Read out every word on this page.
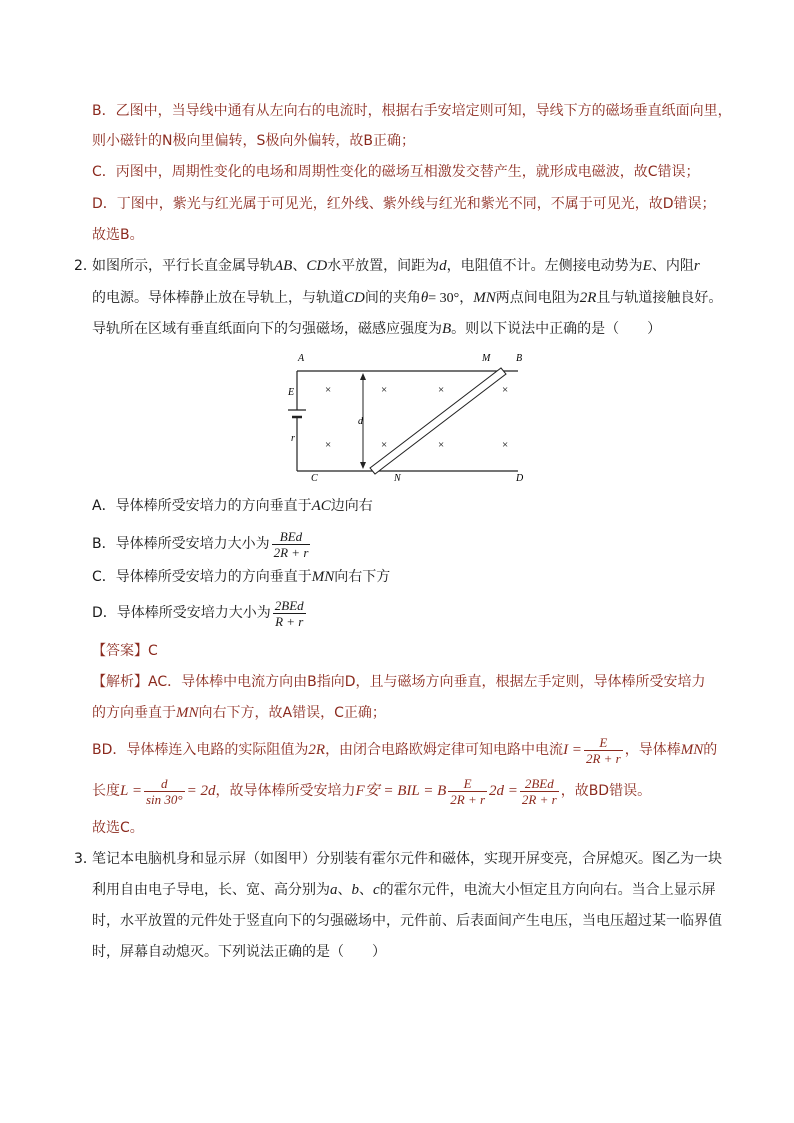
B．乙图中，当导线中通有从左向右的电流时，根据右手安培定则可知，导线下方的磁场垂直纸面向里，
则小磁针的N极向里偏转，S极向外偏转，故B正确；
C．丙图中，周期性变化的电场和周期性变化的磁场互相激发交替产生，就形成电磁波，故C错误；
D．丁图中，紫光与红光属于可见光，红外线、紫外线与红光和紫光不同，不属于可见光，故D错误；
故选B。
2．
如图所示，平行长直金属导轨AB、CD水平放置，间距为d，电阻值不计。左侧接电动势为E、内阻r
的电源。导体棒静止放在导轨上，与轨道CD间的夹角θ= 30°，MN两点间电阻为2R且与轨道接触良好。
导轨所在区域有垂直纸面向下的匀强磁场，磁感应强度为B。则以下说法中正确的是（　　）
A	M	B
E
r
d
C	N	D
×	×	×	×
×	×	×	×
A．导体棒所受安培力的方向垂直于AC边向右
B．导体棒所受安培力大小为 $\frac{\text{BEd}}{2R + r}$
C．导体棒所受安培力的方向垂直于MN向右下方
D．导体棒所受安培力大小为 $\frac{\text{2BEd}}{R + r}$
【答案】C
【解析】AC．导体棒中电流方向由B指向D，且与磁场方向垂直，根据左手定则，导体棒所受安培力
的方向垂直于MN向右下方，故A错误，C正确；
BD．导体棒连入电路的实际阻值为2R，由闭合电路欧姆定律可知电路中电流$I = \frac{E}{2R + r}$ ，导体棒MN的
长度$L = \frac{d}{\sin 30^\circ} = 2d$，故导体棒所受安培力F安 = BIL = B $\frac{E}{2R + r} 2d = \frac{\text{2BEd}}{2R + r}$ ，故BD错误。
故选C。
3．
笔记本电脑机身和显示屏（如图甲）分别装有霍尔元件和磁体，实现开屏变亮，合屏熄灭。图乙为一块
利用自由电子导电，长、宽、高分别为a、b、c的霍尔元件，电流大小恒定且方向向右。当合上显示屏
时，水平放置的元件处于竖直向下的匀强磁场中，元件前、后表面间产生电压，当电压超过某一临界值
时，屏幕自动熄灭。下列说法正确的是（　　）
